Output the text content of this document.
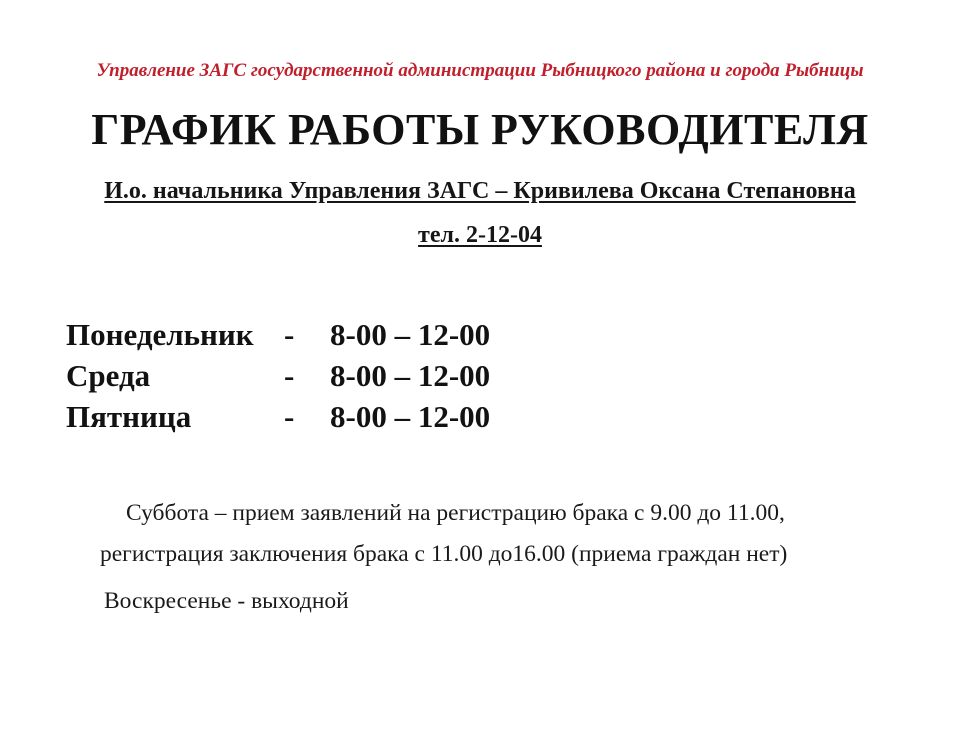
Управление ЗАГС государственной администрации Рыбницкого района и города Рыбницы
ГРАФИК РАБОТЫ РУКОВОДИТЕЛЯ
И.о. начальника Управления ЗАГС – Кривилева Оксана Степановна
тел. 2-12-04
Понедельник -	8-00 – 12-00
Среда	-	8-00 – 12-00
Пятница	-	8-00 – 12-00
Суббота – прием заявлений на регистрацию брака с 9.00 до 11.00,
регистрация заключения брака с 11.00 до16.00 (приема граждан нет)
Воскресенье - выходной
